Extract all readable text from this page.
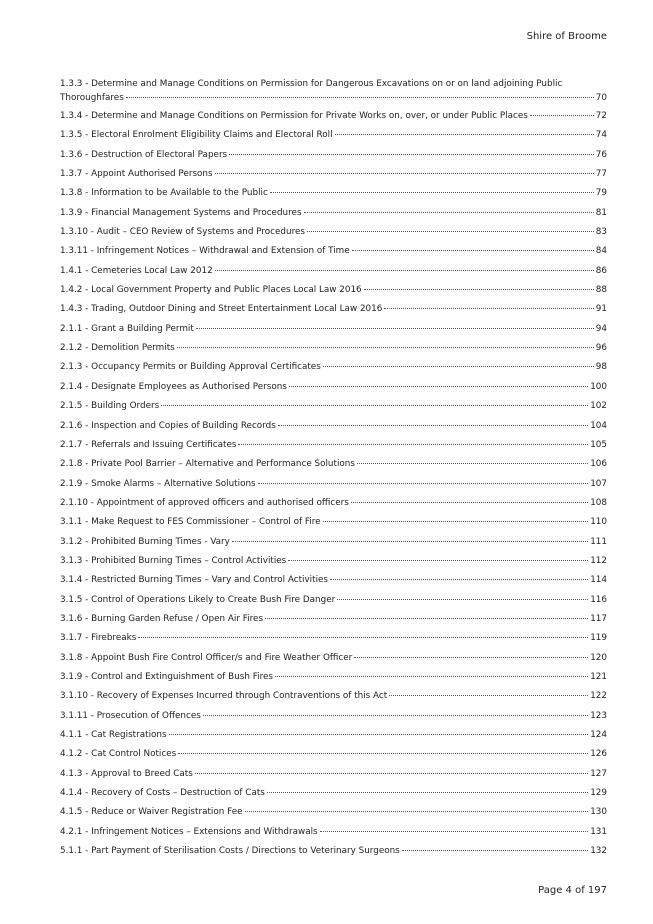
Shire of Broome
1.3.3 - Determine and Manage Conditions on Permission for Dangerous Excavations on or on land adjoining Public
Thoroughfares	70
1.3.4 - Determine and Manage Conditions on Permission for Private Works on, over, or under Public Places	72
1.3.5 - Electoral Enrolment Eligibility Claims and Electoral Roll	74
1.3.6 - Destruction of Electoral Papers	76
1.3.7 - Appoint Authorised Persons	77
1.3.8 - Information to be Available to the Public	79
1.3.9 - Financial Management Systems and Procedures	81
1.3.10 - Audit – CEO Review of Systems and Procedures	83
1.3.11 - Infringement Notices – Withdrawal and Extension of Time	84
1.4.1 - Cemeteries Local Law 2012	86
1.4.2 - Local Government Property and Public Places Local Law 2016	88
1.4.3 - Trading, Outdoor Dining and Street Entertainment Local Law 2016	91
2.1.1 - Grant a Building Permit	94
2.1.2 - Demolition Permits	96
2.1.3 - Occupancy Permits or Building Approval Certificates	98
2.1.4 - Designate Employees as Authorised Persons	100
2.1.5 - Building Orders	102
2.1.6 - Inspection and Copies of Building Records	104
2.1.7 - Referrals and Issuing Certificates	105
2.1.8 - Private Pool Barrier – Alternative and Performance Solutions	106
2.1.9 - Smoke Alarms – Alternative Solutions	107
2.1.10 - Appointment of approved officers and authorised officers	108
3.1.1 - Make Request to FES Commissioner – Control of Fire	110
3.1.2 - Prohibited Burning Times - Vary	111
3.1.3 - Prohibited Burning Times – Control Activities	112
3.1.4 - Restricted Burning Times – Vary and Control Activities	114
3.1.5 - Control of Operations Likely to Create Bush Fire Danger	116
3.1.6 - Burning Garden Refuse / Open Air Fires	117
3.1.7 - Firebreaks	119
3.1.8 - Appoint Bush Fire Control Officer/s and Fire Weather Officer	120
3.1.9 - Control and Extinguishment of Bush Fires	121
3.1.10 - Recovery of Expenses Incurred through Contraventions of this Act	122
3.1.11 - Prosecution of Offences	123
4.1.1 - Cat Registrations	124
4.1.2 - Cat Control Notices	126
4.1.3 - Approval to Breed Cats	127
4.1.4 - Recovery of Costs – Destruction of Cats	129
4.1.5 - Reduce or Waiver Registration Fee	130
4.2.1 - Infringement Notices – Extensions and Withdrawals	131
5.1.1 - Part Payment of Sterilisation Costs / Directions to Veterinary Surgeons	132
Page 4 of 197
